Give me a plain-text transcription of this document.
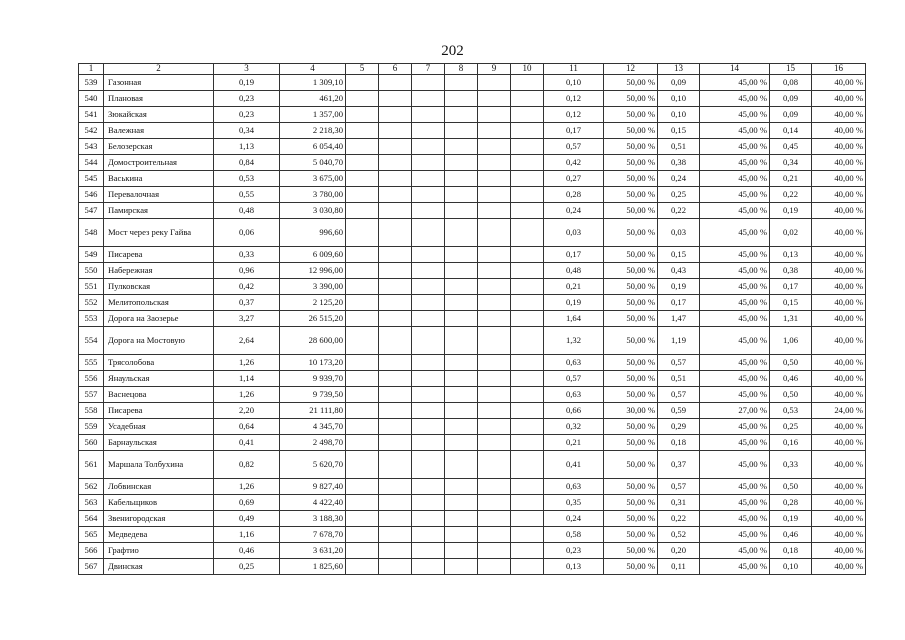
202
1	2	3	4	5	6	7	8	9	10	11	12	13	14	15	16
539	Газонная	0,19	1 309,10							0,10	50,00 %	0,09	45,00 %	0,08	40,00 %
540	Плановая	0,23	461,20							0,12	50,00 %	0,10	45,00 %	0,09	40,00 %
541	Зюкайская	0,23	1 357,00							0,12	50,00 %	0,10	45,00 %	0,09	40,00 %
542	Валежная	0,34	2 218,30							0,17	50,00 %	0,15	45,00 %	0,14	40,00 %
543	Белозерская	1,13	6 054,40							0,57	50,00 %	0,51	45,00 %	0,45	40,00 %
544	Домостроительная	0,84	5 040,70							0,42	50,00 %	0,38	45,00 %	0,34	40,00 %
545	Васькина	0,53	3 675,00							0,27	50,00 %	0,24	45,00 %	0,21	40,00 %
546	Перевалочная	0,55	3 780,00							0,28	50,00 %	0,25	45,00 %	0,22	40,00 %
547	Памирская	0,48	3 030,80							0,24	50,00 %	0,22	45,00 %	0,19	40,00 %
548	Мост через реку Гайва	0,06	996,60							0,03	50,00 %	0,03	45,00 %	0,02	40,00 %
549	Писарева	0,33	6 009,60							0,17	50,00 %	0,15	45,00 %	0,13	40,00 %
550	Набережная	0,96	12 996,00							0,48	50,00 %	0,43	45,00 %	0,38	40,00 %
551	Пулковская	0,42	3 390,00							0,21	50,00 %	0,19	45,00 %	0,17	40,00 %
552	Мелитопольская	0,37	2 125,20							0,19	50,00 %	0,17	45,00 %	0,15	40,00 %
553	Дорога на Заозерье	3,27	26 515,20							1,64	50,00 %	1,47	45,00 %	1,31	40,00 %
554	Дорога на Мостовую	2,64	28 600,00							1,32	50,00 %	1,19	45,00 %	1,06	40,00 %
555	Трясолобова	1,26	10 173,20							0,63	50,00 %	0,57	45,00 %	0,50	40,00 %
556	Янаульская	1,14	9 939,70							0,57	50,00 %	0,51	45,00 %	0,46	40,00 %
557	Васнецова	1,26	9 739,50							0,63	50,00 %	0,57	45,00 %	0,50	40,00 %
558	Писарева	2,20	21 111,80							0,66	30,00 %	0,59	27,00 %	0,53	24,00 %
559	Усадебная	0,64	4 345,70							0,32	50,00 %	0,29	45,00 %	0,25	40,00 %
560	Барнаульская	0,41	2 498,70							0,21	50,00 %	0,18	45,00 %	0,16	40,00 %
561	Маршала Толбухина	0,82	5 620,70							0,41	50,00 %	0,37	45,00 %	0,33	40,00 %
562	Лобвинская	1,26	9 827,40							0,63	50,00 %	0,57	45,00 %	0,50	40,00 %
563	Кабельщиков	0,69	4 422,40							0,35	50,00 %	0,31	45,00 %	0,28	40,00 %
564	Звенигородская	0,49	3 188,30							0,24	50,00 %	0,22	45,00 %	0,19	40,00 %
565	Медведева	1,16	7 678,70							0,58	50,00 %	0,52	45,00 %	0,46	40,00 %
566	Графтио	0,46	3 631,20							0,23	50,00 %	0,20	45,00 %	0,18	40,00 %
567	Двинская	0,25	1 825,60							0,13	50,00 %	0,11	45,00 %	0,10	40,00 %
